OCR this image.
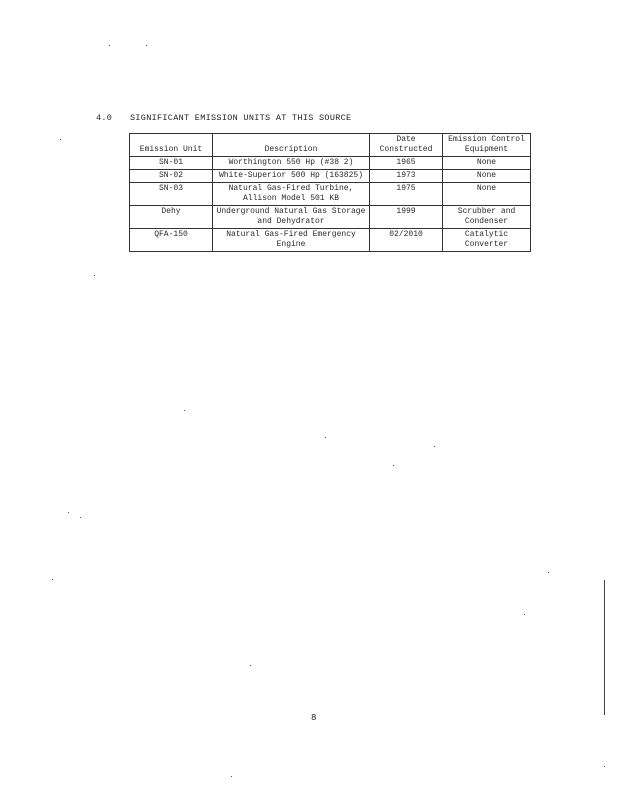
4.0 SIGNIFICANT EMISSION UNITS AT THIS SOURCE
Emission Unit	Description	Date Constructed	Emission Control Equipment
SN-01	Worthington 550 Hp (#38 2)	1965	None
SN-02	White-Superior 500 Hp (163825)	1973	None
SN-03	Natural Gas-Fired Turbine, Allison Model 501 KB	1975	None
Dehy	Underground Natural Gas Storage and Dehydrator	1999	Scrubber and Condenser
QFA-150	Natural Gas-Fired Emergency Engine	02/2010	Catalytic Converter
8
